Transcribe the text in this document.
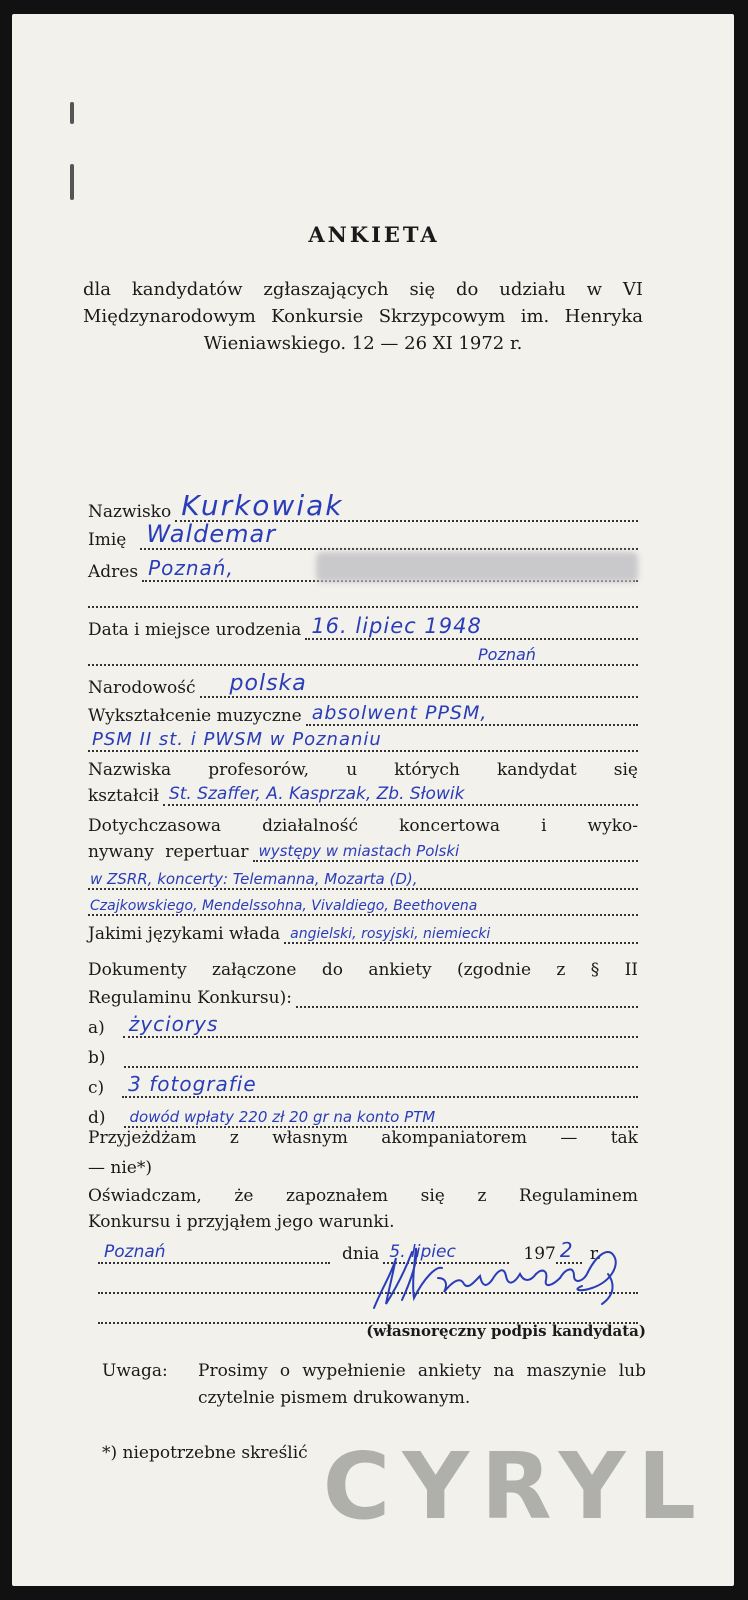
ANKIETA
dla kandydatów zgłaszających się do udziału w VI Międzynarodowym Konkursie Skrzypcowym im. Henryka Wieniawskiego. 12 — 26 XI 1972 r.
Nazwisko Kurkowiak
Imię Waldemar
Adres Poznań,
Data i miejsce urodzenia 16. lipiec 1948
Poznań
Narodowość polska
Wykształcenie muzyczne absolwent PPSM,
PSM II st. i PWSM w Poznaniu
Nazwiska profesorów, u których kandydat się
kształcił St. Szaffer, A. Kasprzak, Zb. Słowik
Dotychczasowa działalność koncertowa i wyko-
nywany repertuar występy w miastach Polski
w ZSRR, koncerty: Telemanna, Mozarta (D),
Czajkowskiego, Mendelssohna, Vivaldiego, Beethovena
Jakimi językami włada angielski, rosyjski, niemiecki
Dokumenty załączone do ankiety (zgodnie z § II
Regulaminu Konkursu):
a) życiorys
b)
c) 3 fotografie
d) dowód wpłaty 220 zł 20 gr na konto PTM
Przyjeżdżam z własnym akompaniatorem — tak
— nie*)
Oświadczam, że zapoznałem się z Regulaminem
Konkursu i przyjąłem jego warunki.
Poznań	dnia 5. lipiec	197 2 r.
(własnoręczny podpis kandydata)
Uwaga: Prosimy o wypełnienie ankiety na maszynie lub czytelnie pismem drukowanym.
*) niepotrzebne skreślić CYRYL
